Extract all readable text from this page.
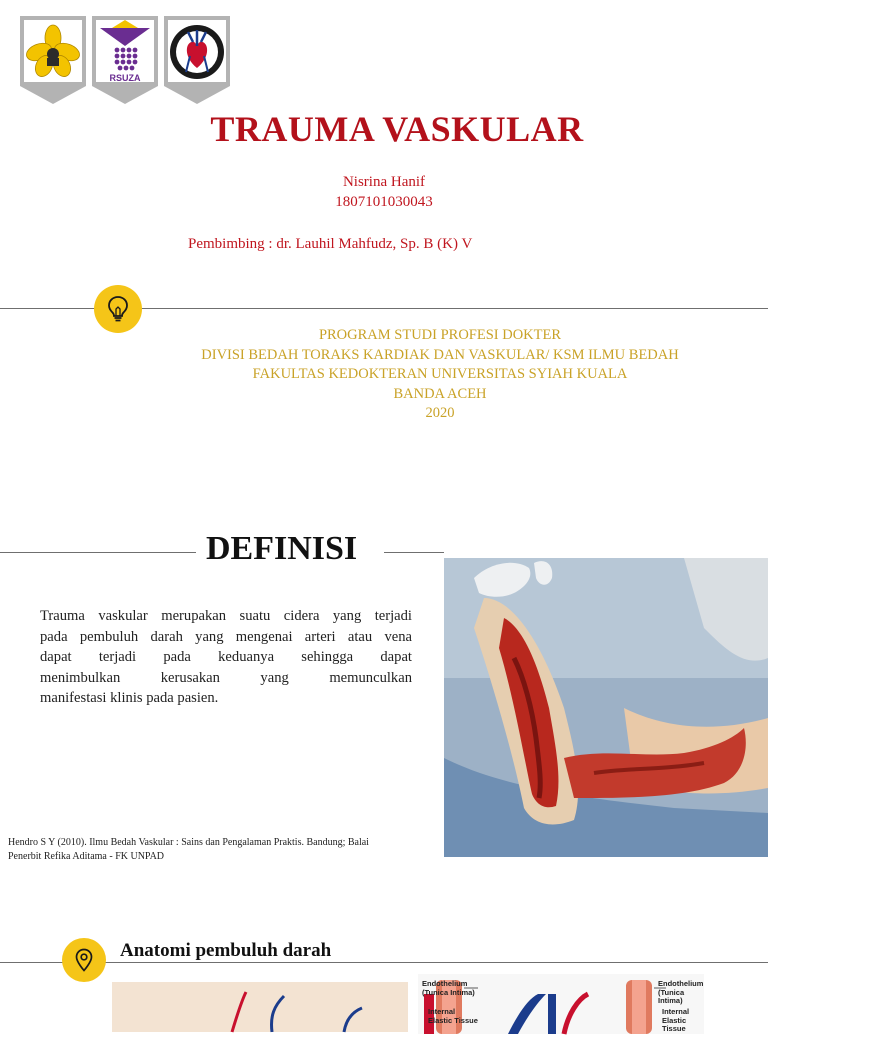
RSUZA
TRAUMA VASKULAR
Nisrina Hanif
1807101030043
Pembimbing : dr. Lauhil Mahfudz, Sp. B (K) V
PROGRAM STUDI PROFESI DOKTER
DIVISI BEDAH TORAKS KARDIAK DAN VASKULAR/ KSM ILMU BEDAH
FAKULTAS KEDOKTERAN UNIVERSITAS SYIAH KUALA
BANDA ACEH
2020
DEFINISI
Trauma vaskular merupakan suatu cidera yang terjadi
pada pembuluh darah yang mengenai arteri atau vena
dapat terjadi pada keduanya sehingga dapat
menimbulkan kerusakan yang memunculkan
manifestasi klinis pada pasien.
Hendro S Y (2010). Ilmu Bedah Vaskular : Sains dan Pengalaman Praktis. Bandung; Balai
Penerbit Refika Aditama - FK UNPAD
Anatomi pembuluh darah
Endothelium
(Tunica Intima)
Internal
Elastic Tissue
Endothelium
(Tunica Intima)
Internal
Elastic Tissue
